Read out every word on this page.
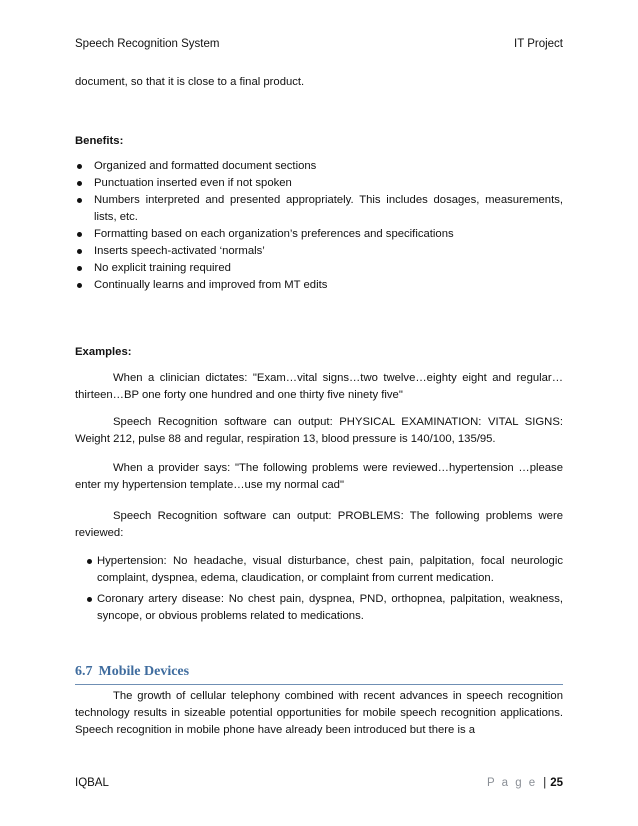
Speech Recognition System	IT Project
document, so that it is close to a final product.
Benefits:
Organized and formatted document sections
Punctuation inserted even if not spoken
Numbers interpreted and presented appropriately. This includes dosages, measurements, lists, etc.
Formatting based on each organization’s preferences and specifications
Inserts speech-activated ‘normals’
No explicit training required
Continually learns and improved from MT edits
Examples:
When a clinician dictates: "Exam…vital signs…two twelve…eighty eight and regular…thirteen…BP one forty one hundred and one thirty five ninety five"
Speech Recognition software can output: PHYSICAL EXAMINATION: VITAL SIGNS: Weight 212, pulse 88 and regular, respiration 13, blood pressure is 140/100, 135/95.
When a provider says: "The following problems were reviewed…hypertension …please enter my hypertension template…use my normal cad"
Speech Recognition software can output: PROBLEMS: The following problems were reviewed:
Hypertension: No headache, visual disturbance, chest pain, palpitation, focal neurologic complaint, dyspnea, edema, claudication, or complaint from current medication.
Coronary artery disease: No chest pain, dyspnea, PND, orthopnea, palpitation, weakness, syncope, or obvious problems related to medications.
6.7 Mobile Devices
The growth of cellular telephony combined with recent advances in speech recognition technology results in sizeable potential opportunities for mobile speech recognition applications. Speech recognition in mobile phone have already been introduced but there is a
IQBAL	P a g e | 25
